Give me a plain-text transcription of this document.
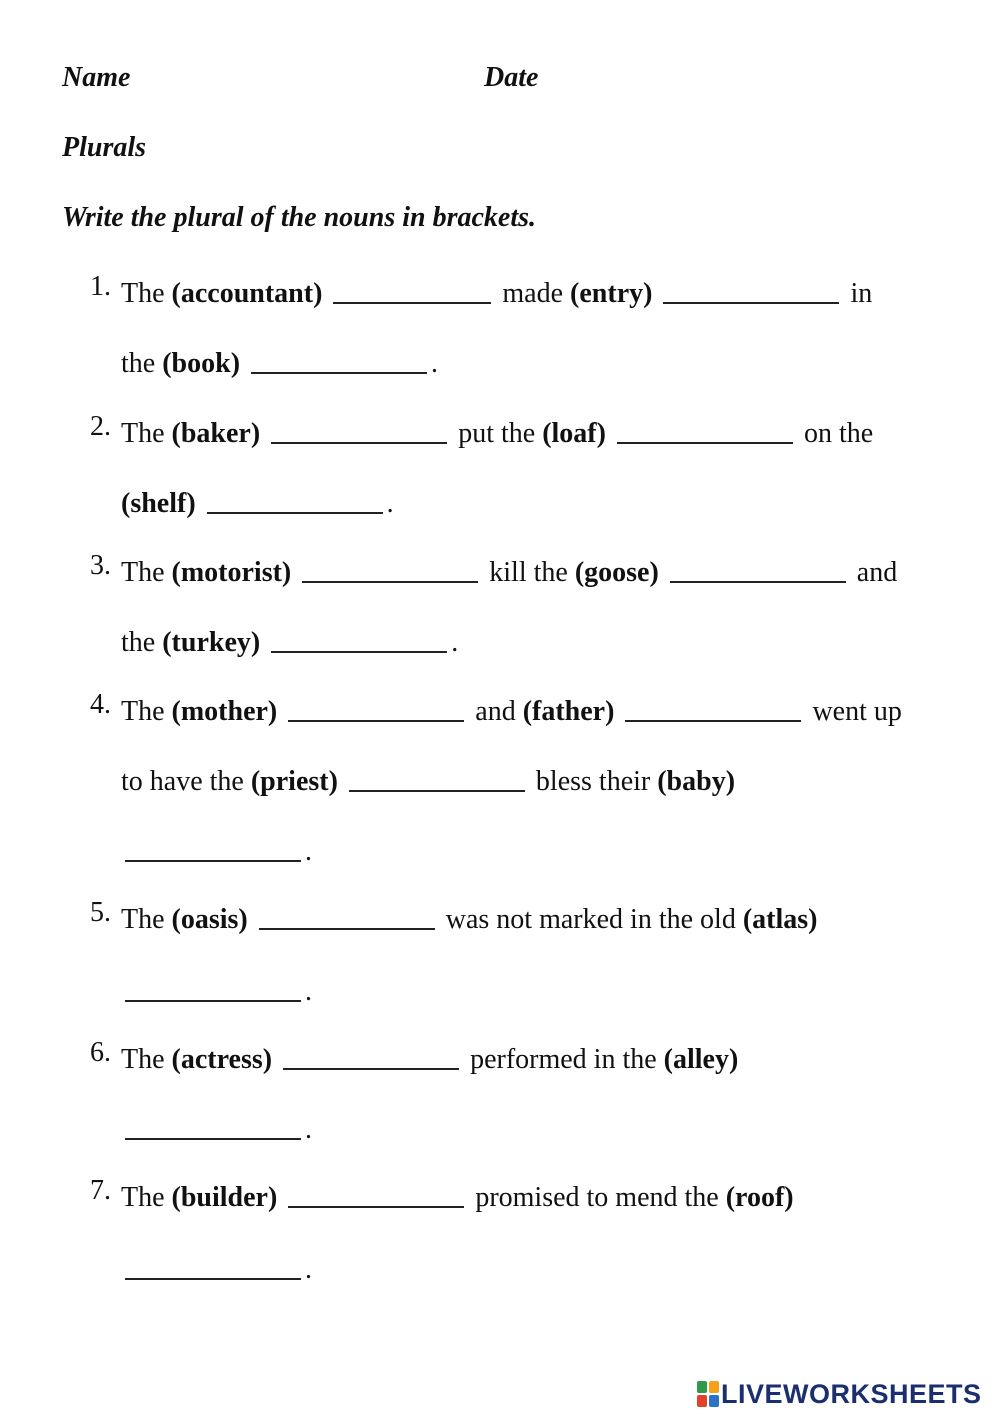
Name	Date
Plurals
Write the plural of the nouns in brackets.
1. The (accountant)	made (entry)	in
the (book)	.
2. The (baker)	put the (loaf)	on the
(shelf)	.
3. The (motorist)	kill the (goose)	and
the (turkey)	.
4. The (mother)	and (father)	went up
to have the (priest)	bless their (baby)
.
5. The (oasis)	was not marked in the old (atlas)
.
6. The (actress)	performed in the (alley)
.
7. The (builder)	promised to mend the (roof)
.
LIVEWORKSHEETS
